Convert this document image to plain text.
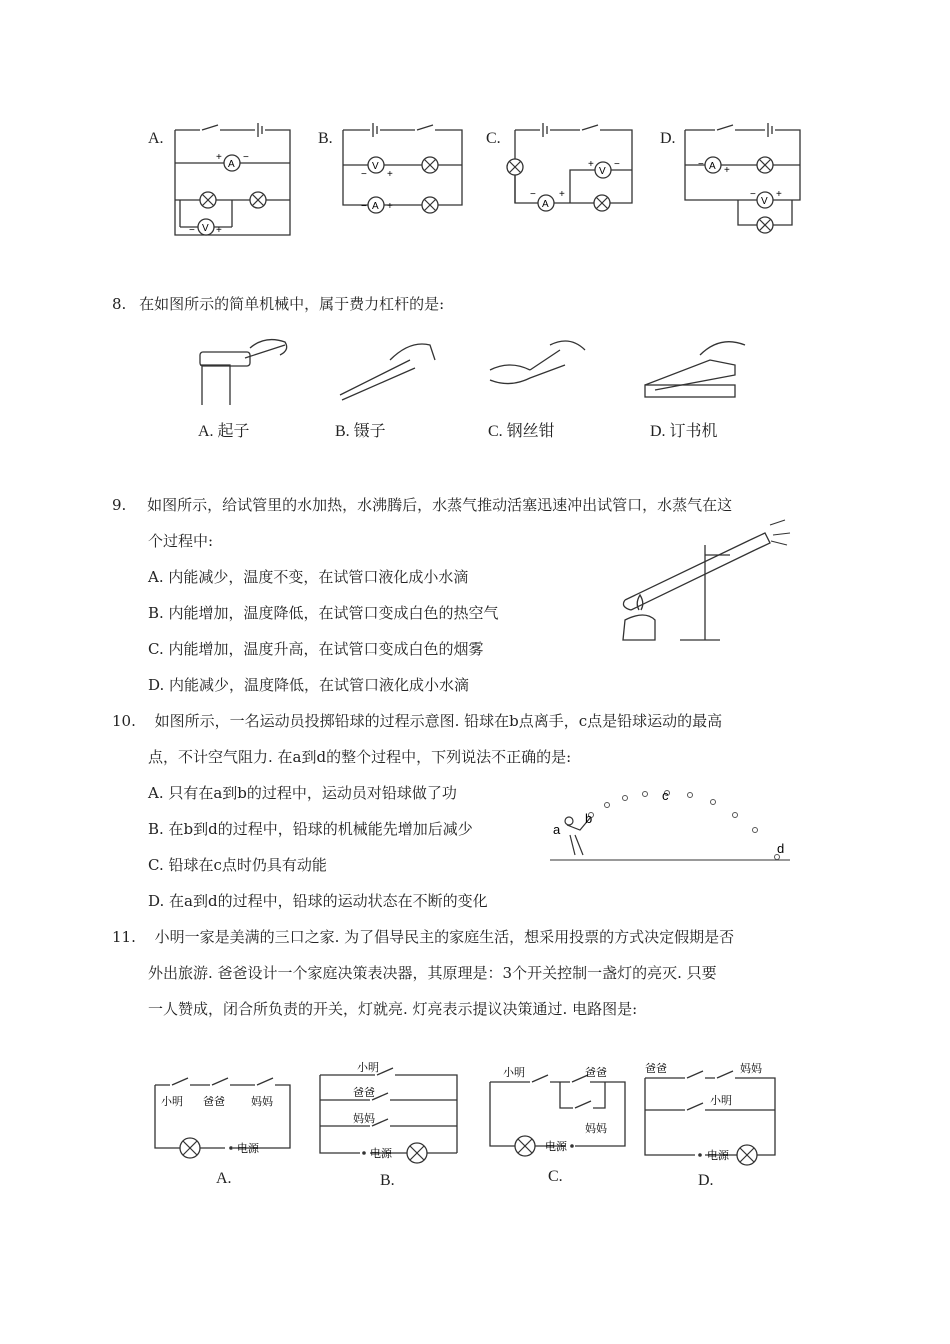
A
+ −
V
− +
V
− +
A
− +
V
+ −
A
− +
A
−
+
V
− +
A.	B.	C.	D.
8. 在如图所示的简单机械中，属于费力杠杆的是:
A. 起子	B. 镊子	C. 钢丝钳	D. 订书机
9. 如图所示，给试管里的水加热，水沸腾后，水蒸气推动活塞迅速冲出试管口，水蒸气在这
个过程中:
A. 内能减少，温度不变，在试管口液化成小水滴
B. 内能增加，温度降低，在试管口变成白色的热空气
C. 内能增加，温度升高，在试管口变成白色的烟雾
D. 内能减少，温度降低，在试管口液化成小水滴
10. 如图所示，一名运动员投掷铅球的过程示意图. 铅球在b点离手，c点是铅球运动的最高
点，不计空气阻力. 在a到d的整个过程中，下列说法不正确的是:
A. 只有在a到b的过程中，运动员对铅球做了功
B. 在b到d的过程中，铅球的机械能先增加后减少
C. 铅球在c点时仍具有动能
D. 在a到d的过程中，铅球的运动状态在不断的变化
a
b
c
d
11. 小明一家是美满的三口之家. 为了倡导民主的家庭生活，想采用投票的方式决定假期是否
外出旅游. 爸爸设计一个家庭决策表决器，其原理是：3个开关控制一盏灯的亮灭. 只要
一人赞成，闭合所负责的开关，灯就亮. 灯亮表示提议决策通过. 电路图是:
小明 爸爸 妈妈
电源
小明
爸爸
妈妈
电源
小明	爸爸
妈妈
电源
爸爸	妈妈
小明
电源
A.	B.	C.	D.
